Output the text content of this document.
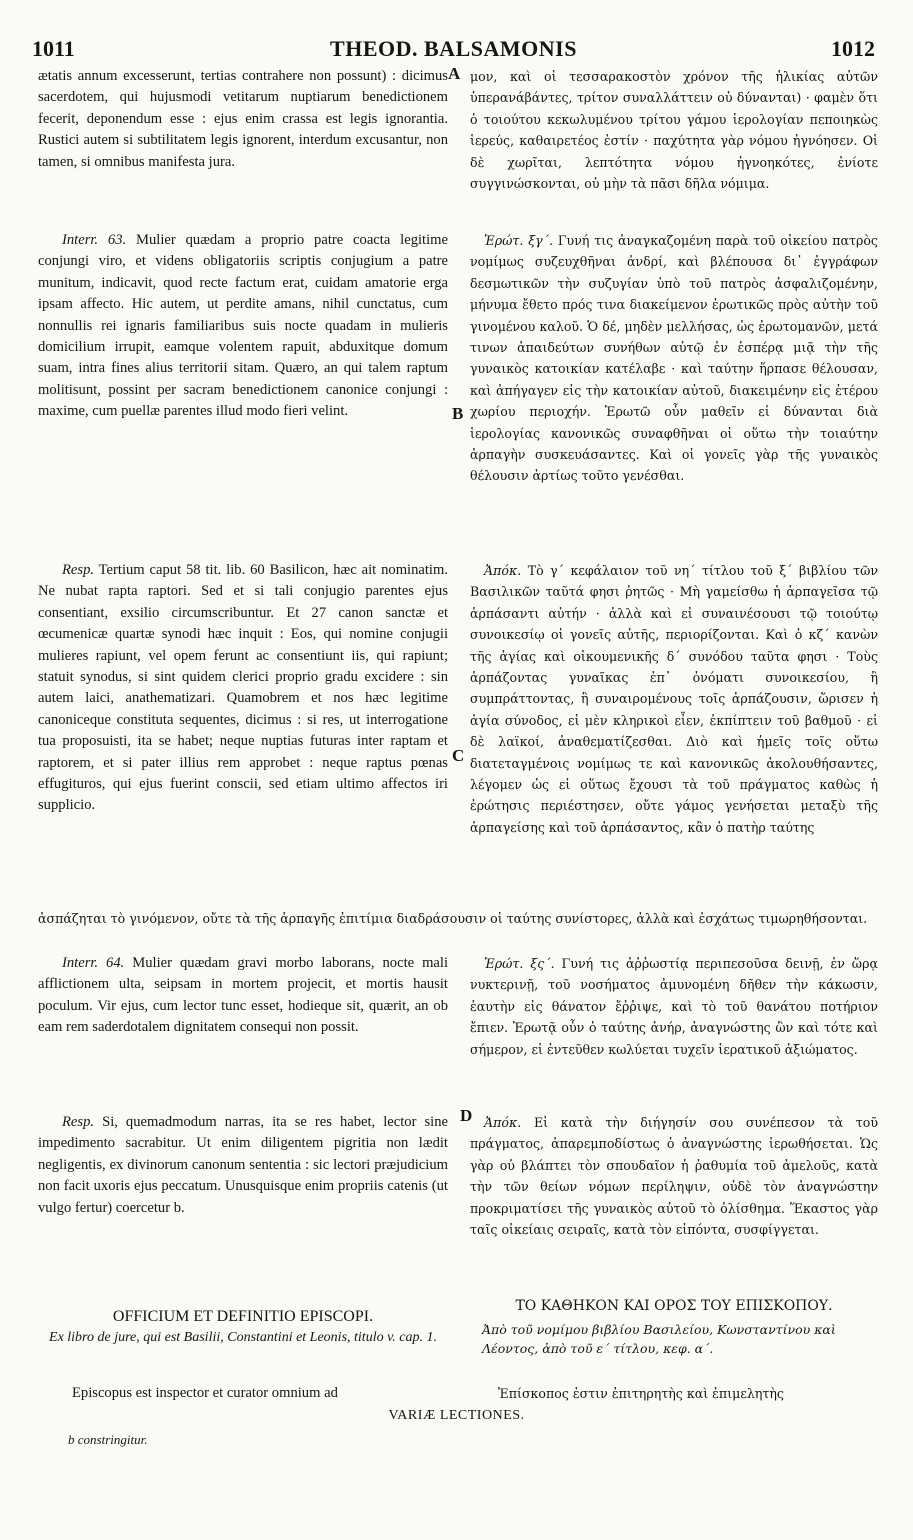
1011	THEOD. BALSAMONIS	1012

ætatis annum excesserunt, tertias contrahere non possunt) : dicimus sacerdotem, qui hujusmodi vetitarum nuptiarum benedictionem fecerit, deponendum esse : ejus enim crassa est legis ignorantia. Rustici autem si subtilitatem legis ignorent, interdum excusantur, non tamen, si omnibus manifesta jura.

Interr. 63. Mulier quædam a proprio patre coacta legitime conjungi viro, et videns obligatoriis scriptis conjugium a patre munitum, indicavit, quod recte factum erat, cuidam amatorie erga ipsam affecto. Hic autem, ut perdite amans, nihil cunctatus, cum nonnullis rei ignaris familiaribus suis nocte quadam in mulieris domicilium irrupit, eamque volentem rapuit, abduxitque domum suam, intra fines alius territorii sitam. Quæro, an qui talem raptum molitisunt, possint per sacram benedictionem canonice conjungi : maxime, cum puellæ parentes illud modo fieri velint.

Resp. Tertium caput 58 tit. lib. 60 Basilicon, hæc ait nominatim. Ne nubat rapta raptori. Sed et si tali conjugio parentes ejus consentiant, exsilio circumscribuntur. Et 27 canon sanctæ et œcumenicæ quartæ synodi hæc inquit : Eos, qui nomine conjugii mulieres rapiunt, vel opem ferunt ac consentiunt iis, qui rapiunt; statuit synodus, si sint quidem clerici proprio gradu excidere : sin autem laici, anathematizari. Quamobrem et nos hæc legitime canoniceque constituta sequentes, dicimus : si res, ut interrogatione tua proposuisti, ita se habet; neque nuptias futuras inter raptam et raptorem, et si pater illius rem approbet : neque raptus pœnas effugituros, qui ejus fuerint conscii, sed etiam ultimo affectos iri supplicio.

ἀσπάζηται τὸ γινόμενον, οὔτε τὰ τῆς ἁρπαγῆς ἐπιτίμια διαδράσουσιν οἱ ταύτης συνίστορες, ἀλλὰ καὶ ἐσχάτως τιμωρηθήσονται.

Interr. 64. Mulier quædam gravi morbo laborans, nocte mali afflictionem ulta, seipsam in mortem projecit, et mortis hausit poculum. Vir ejus, cum lector tunc esset, hodieque sit, quærit, an ob eam rem saderdotalem dignitatem consequi non possit.

Resp. Si, quemadmodum narras, ita se res habet, lector sine impedimento sacrabitur. Ut enim diligentem pigritia non lædit negligentis, ex divinorum canonum sententia : sic lectori præjudicium non facit uxoris ejus peccatum. Unusquisque enim propriis catenis (ut vulgo fertur) coercetur b.

OFFICIUM ET DEFINITIO EPISCOPI.
Ex libro de jure, qui est Basilii, Constantini et Leonis, titulo v. cap. 1.

Episcopus est inspector et curator omnium ad

A
B
C
D

μον, καὶ οἱ τεσσαρακοστὸν χρόνον τῆς ἡλικίας αὐτῶν ὑπερανάβάντες, τρίτον συναλλάττειν οὐ δύνανται) · φαμὲν ὅτι ὁ τοιούτου κεκωλυμένου τρίτου γάμου ἱερολογίαν πεποιηκὼς ἱερεύς, καθαιρετέος ἐστίν · παχύτητα γὰρ νόμου ἠγνόησεν. Οἱ δὲ χωρῖται, λεπτότητα νόμου ἠγνοηκότες, ἐνίοτε συγγινώσκονται, οὐ μὴν τὰ πᾶσι δῆλα νόμιμα.

Ἐρώτ. ξγ΄. Γυνή τις ἀναγκαζομένη παρὰ τοῦ οἰκείου πατρὸς νομίμως συζευχθῆναι ἀνδρί, καὶ βλέπουσα δι᾽ ἐγγράφων δεσμωτικῶν τὴν συζυγίαν ὑπὸ τοῦ πατρὸς ἀσφαλιζομένην, μήνυμα ἔθετο πρός τινα διακείμενον ἐρωτικῶς πρὸς αὐτὴν τοῦ γινομένου καλοῦ. Ὁ δέ, μηδὲν μελλήσας, ὡς ἐρωτομανῶν, μετά τινων ἀπαιδεύτων συνήθων αὐτῷ ἐν ἑσπέρᾳ μιᾷ τὴν τῆς γυναικὸς κατοικίαν κατέλαβε · καὶ ταύτην ἥρπασε θέλουσαν, καὶ ἀπήγαγεν εἰς τὴν κατοικίαν αὐτοῦ, διακειμένην εἰς ἑτέρου χωρίου περιοχήν. Ἐρωτῶ οὖν μαθεῖν εἰ δύνανται διὰ ἱερολογίας κανονικῶς συναφθῆναι οἱ οὕτω τὴν τοιαύτην ἁρπαγὴν συσκευάσαντες. Καὶ οἱ γονεῖς γὰρ τῆς γυναικὸς θέλουσιν ἀρτίως τοῦτο γενέσθαι.

Ἀπόκ. Τὸ γ΄ κεφάλαιον τοῦ νη΄ τίτλου τοῦ ξ΄ βιβλίου τῶν Βασιλικῶν ταῦτά φησι ῥητῶς · Μὴ γαμείσθω ἡ ἁρπαγεῖσα τῷ ἁρπάσαντι αὐτήν · ἀλλὰ καὶ εἰ συναινέσουσι τῷ τοιούτῳ συνοικεσίῳ οἱ γονεῖς αὐτῆς, περιορίζονται. Καὶ ὁ κζ΄ κανὼν τῆς ἁγίας καὶ οἰκουμενικῆς δ΄ συνόδου ταῦτα φησι · Τοὺς ἁρπάζοντας γυναῖκας ἐπ᾽ ὀνόματι συνοικεσίου, ἢ συμπράττοντας, ἢ συναιρομένους τοῖς ἁρπάζουσιν, ὥρισεν ἡ ἁγία σύνοδος, εἰ μὲν κληρικοὶ εἶεν, ἐκπίπτειν τοῦ βαθμοῦ · εἰ δὲ λαϊκοί, ἀναθεματίζεσθαι. Διὸ καὶ ἡμεῖς τοῖς οὕτω διατεταγμένοις νομίμως τε καὶ κανονικῶς ἀκολουθήσαντες, λέγομεν ὡς εἰ οὕτως ἔχουσι τὰ τοῦ πράγματος καθὼς ἡ ἐρώτησις περιέστησεν, οὔτε γάμος γενήσεται μεταξὺ τῆς ἁρπαγείσης καὶ τοῦ ἁρπάσαντος, κἂν ὁ πατὴρ ταύτης

Ἐρώτ. ξς΄. Γυνή τις ἀῤῥωστίᾳ περιπεσοῦσα δεινῇ, ἐν ὥρᾳ νυκτερινῇ, τοῦ νοσήματος ἀμυνομένη δῆθεν τὴν κάκωσιν, ἑαυτὴν εἰς θάνατον ἔῤῥιψε, καὶ τὸ τοῦ θανάτου ποτήριον ἔπιεν. Ἐρωτᾷ οὖν ὁ ταύτης ἀνήρ, ἀναγνώστης ὢν καὶ τότε καὶ σήμερον, εἰ ἐντεῦθεν κωλύεται τυχεῖν ἱερατικοῦ ἀξιώματος.

Ἀπόκ. Εἰ κατὰ τὴν διήγησίν σου συνέπεσον τὰ τοῦ πράγματος, ἀπαρεμποδίστως ὁ ἀναγνώστης ἱερωθήσεται. Ὡς γὰρ οὐ βλάπτει τὸν σπουδαῖον ἡ ῥαθυμία τοῦ ἀμελοῦς, κατὰ τὴν τῶν θείων νόμων περίληψιν, οὐδὲ τὸν ἀναγνώστην προκριματίσει τῆς γυναικὸς αὐτοῦ τὸ ὀλίσθημα. Ἕκαστος γὰρ ταῖς οἰκείαις σειραῖς, κατὰ τὸν εἰπόντα, συσφίγγεται.

ΤΟ ΚΑΘΗΚΟΝ ΚΑΙ ΟΡΟΣ ΤΟΥ ΕΠΙΣΚΟΠΟΥ.
Ἀπὸ τοῦ νομίμου βιβλίου Βασιλείου, Κωνσταντίνου καὶ Λέοντος, ἀπὸ τοῦ ε΄ τίτλου, κεφ. α΄.

Ἐπίσκοπος ἐστιν ἐπιτηρητὴς καὶ ἐπιμελητὴς

VARIÆ LECTIONES.
b constringitur.
